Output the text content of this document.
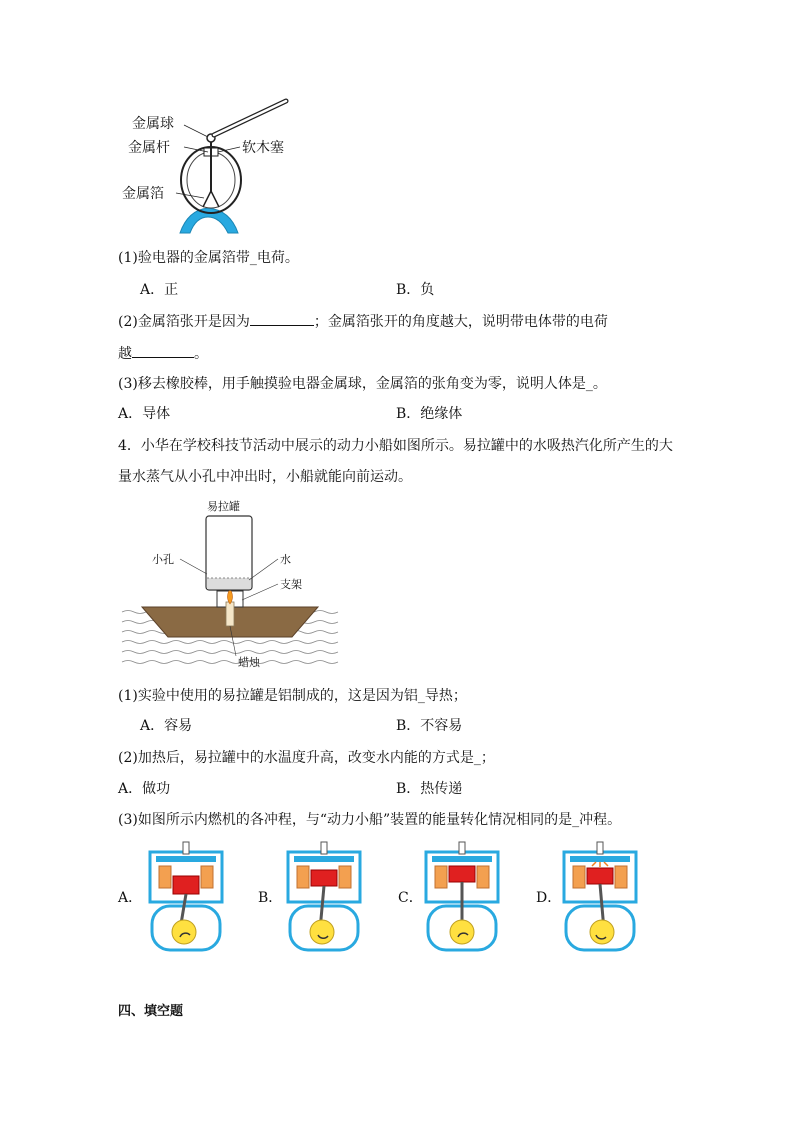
金属球
金属杆	软木塞
金属箔
(1)验电器的金属箔带_电荷。
A．正	B．负
(2)金属箔张开是因为	；金属箔张开的角度越大，说明带电体带的电荷
越	。
(3)移去橡胶棒，用手触摸验电器金属球，金属箔的张角变为零，说明人体是_。
A．导体	B．绝缘体
4．小华在学校科技节活动中展示的动力小船如图所示。易拉罐中的水吸热汽化所产生的大
量水蒸气从小孔中冲出时，小船就能向前运动。
易拉罐
小孔	水
支架
蜡烛
(1)实验中使用的易拉罐是铝制成的，这是因为铝_导热；
A．容易	B．不容易
(2)加热后，易拉罐中的水温度升高，改变水内能的方式是_；
A．做功	B．热传递
(3)如图所示内燃机的各冲程，与“动力小船”装置的能量转化情况相同的是_冲程。
A．	B．	C．	D．
四、填空题
